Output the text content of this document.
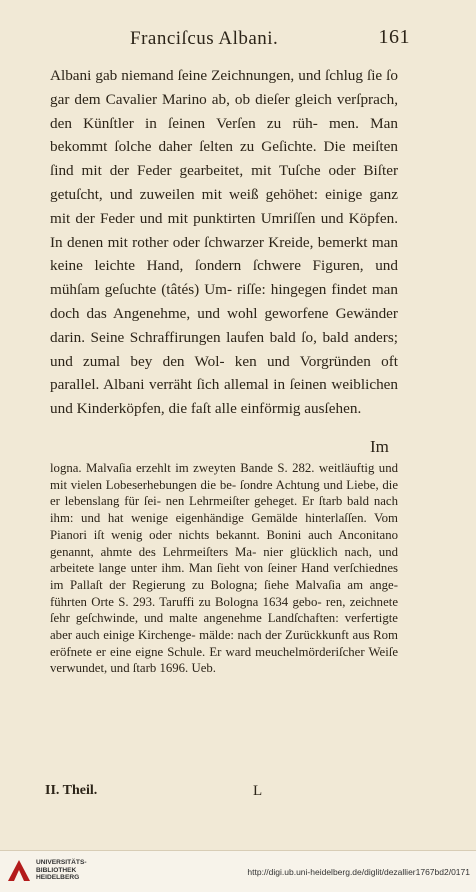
Franciſcus Albani.	161

Albani gab niemand ſeine Zeichnungen, und ſchlug ſie ſo gar dem Cavalier Marino ab, ob dieſer gleich verſprach, den Künſtler in ſeinen Verſen zu rüh- men. Man bekommt ſolche daher ſelten zu Geſichte. Die meiſten ſind mit der Feder gearbeitet, mit Tuſche oder Biſter getuſcht, und zuweilen mit weiß gehöhet: einige ganz mit der Feder und mit punktirten Umriſſen und Köpfen. In denen mit rother oder ſchwarzer Kreide, bemerkt man keine leichte Hand, ſondern ſchwere Figuren, und mühſam geſuchte (tâtés) Um- riſſe: hingegen findet man doch das Angenehme, und wohl geworfene Gewänder darin. Seine Schraffirungen laufen bald ſo, bald anders; und zumal bey den Wol- ken und Vorgründen oft parallel. Albani verräht ſich allemal in ſeinen weiblichen und Kinderköpfen, die faſt alle einförmig ausſehen.

Im

logna. Malvaſia erzehlt im zweyten Bande S. 282. weitläuftig und mit vielen Lobeserhebungen die be- ſondre Achtung und Liebe, die er lebenslang für ſei- nen Lehrmeiſter geheget. Er ſtarb bald nach ihm: und hat wenige eigenhändige Gemälde hinterlaſſen. Vom Pianori iſt wenig oder nichts bekannt. Bonini auch Anconitano genannt, ahmte des Lehrmeiſters Ma- nier glücklich nach, und arbeitete lange unter ihm. Man ſieht von ſeiner Hand verſchiednes im Pallaſt der Regierung zu Bologna; ſiehe Malvaſia am ange- führten Orte S. 293. Taruffi zu Bologna 1634 gebo- ren, zeichnete ſehr geſchwinde, und malte angenehme Landſchaften: verfertigte aber auch einige Kirchenge- mälde: nach der Zurückkunft aus Rom eröfnete er eine eigne Schule. Er ward meuchelmörderiſcher Weiſe verwundet, und ſtarb 1696. Ueb.

II. Theil.	L
UNIVERSITÄTS-
BIBLIOTHEK
HEIDELBERG
http://digi.ub.uni-heidelberg.de/diglit/dezallier1767bd2/0171
